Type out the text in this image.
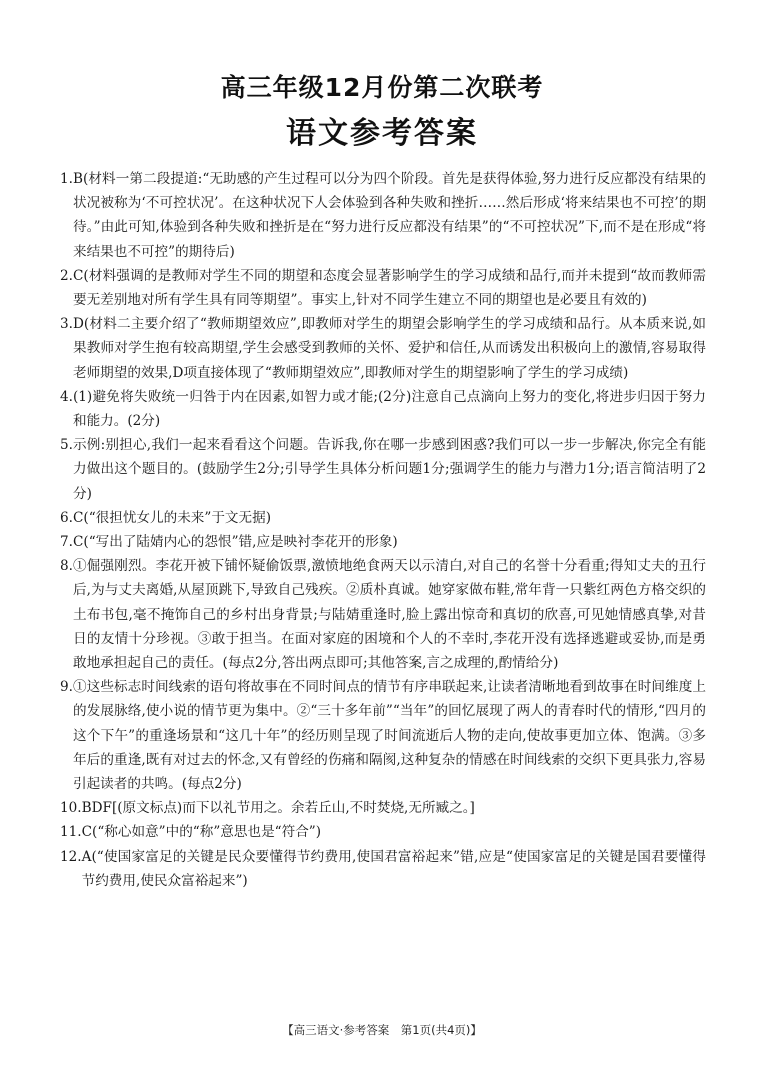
高三年级12月份第二次联考
语文参考答案
1. B(材料一第二段提道:“无助感的产生过程可以分为四个阶段。首先是获得体验,努力进行反应都没有结果的状况被称为‘不可控状况’。在这种状况下人会体验到各种失败和挫折……然后形成‘将来结果也不可控’的期待。”由此可知,体验到各种失败和挫折是在“努力进行反应都没有结果”的“不可控状况”下,而不是在形成“将来结果也不可控”的期待后)
2. C(材料强调的是教师对学生不同的期望和态度会显著影响学生的学习成绩和品行,而并未提到“故而教师需要无差别地对所有学生具有同等期望”。事实上,针对不同学生建立不同的期望也是必要且有效的)
3. D(材料二主要介绍了“教师期望效应”,即教师对学生的期望会影响学生的学习成绩和品行。从本质来说,如果教师对学生抱有较高期望,学生会感受到教师的关怀、爱护和信任,从而诱发出积极向上的激情,容易取得老师期望的效果,D项直接体现了“教师期望效应”,即教师对学生的期望影响了学生的学习成绩)
4. (1)避免将失败统一归咎于内在因素,如智力或才能;(2分)注意自己点滴向上努力的变化,将进步归因于努力和能力。(2分)
5. 示例:别担心,我们一起来看看这个问题。告诉我,你在哪一步感到困惑?我们可以一步一步解决,你完全有能力做出这个题目的。(鼓励学生2分;引导学生具体分析问题1分;强调学生的能力与潜力1分;语言简洁明了2分)
6. C(“很担忧女儿的未来”于文无据)
7. C(“写出了陆婧内心的怨恨”错,应是映衬李花开的形象)
8. ①倔强刚烈。李花开被下铺怀疑偷饭票,激愤地绝食两天以示清白,对自己的名誉十分看重;得知丈夫的丑行后,为与丈夫离婚,从屋顶跳下,导致自己残疾。②质朴真诚。她穿家做布鞋,常年背一只紫红两色方格交织的土布书包,毫不掩饰自己的乡村出身背景;与陆婧重逢时,脸上露出惊奇和真切的欣喜,可见她情感真挚,对昔日的友情十分珍视。③敢于担当。在面对家庭的困境和个人的不幸时,李花开没有选择逃避或妥协,而是勇敢地承担起自己的责任。(每点2分,答出两点即可;其他答案,言之成理的,酌情给分)
9. ①这些标志时间线索的语句将故事在不同时间点的情节有序串联起来,让读者清晰地看到故事在时间维度上的发展脉络,使小说的情节更为集中。②“三十多年前”“当年”的回忆展现了两人的青春时代的情形,“四月的这个下午”的重逢场景和“这几十年”的经历则呈现了时间流逝后人物的走向,使故事更加立体、饱满。③多年后的重逢,既有对过去的怀念,又有曾经的伤痛和隔阂,这种复杂的情感在时间线索的交织下更具张力,容易引起读者的共鸣。(每点2分)
10. BDF[(原文标点)而下以礼节用之。余若丘山,不时焚烧,无所臧之。]
11. C(“称心如意”中的“称”意思也是“符合”)
12. A(“使国家富足的关键是民众要懂得节约费用,使国君富裕起来”错,应是“使国家富足的关键是国君要懂得节约费用,使民众富裕起来”)
【高三语文·参考答案　第1页(共4页)】
